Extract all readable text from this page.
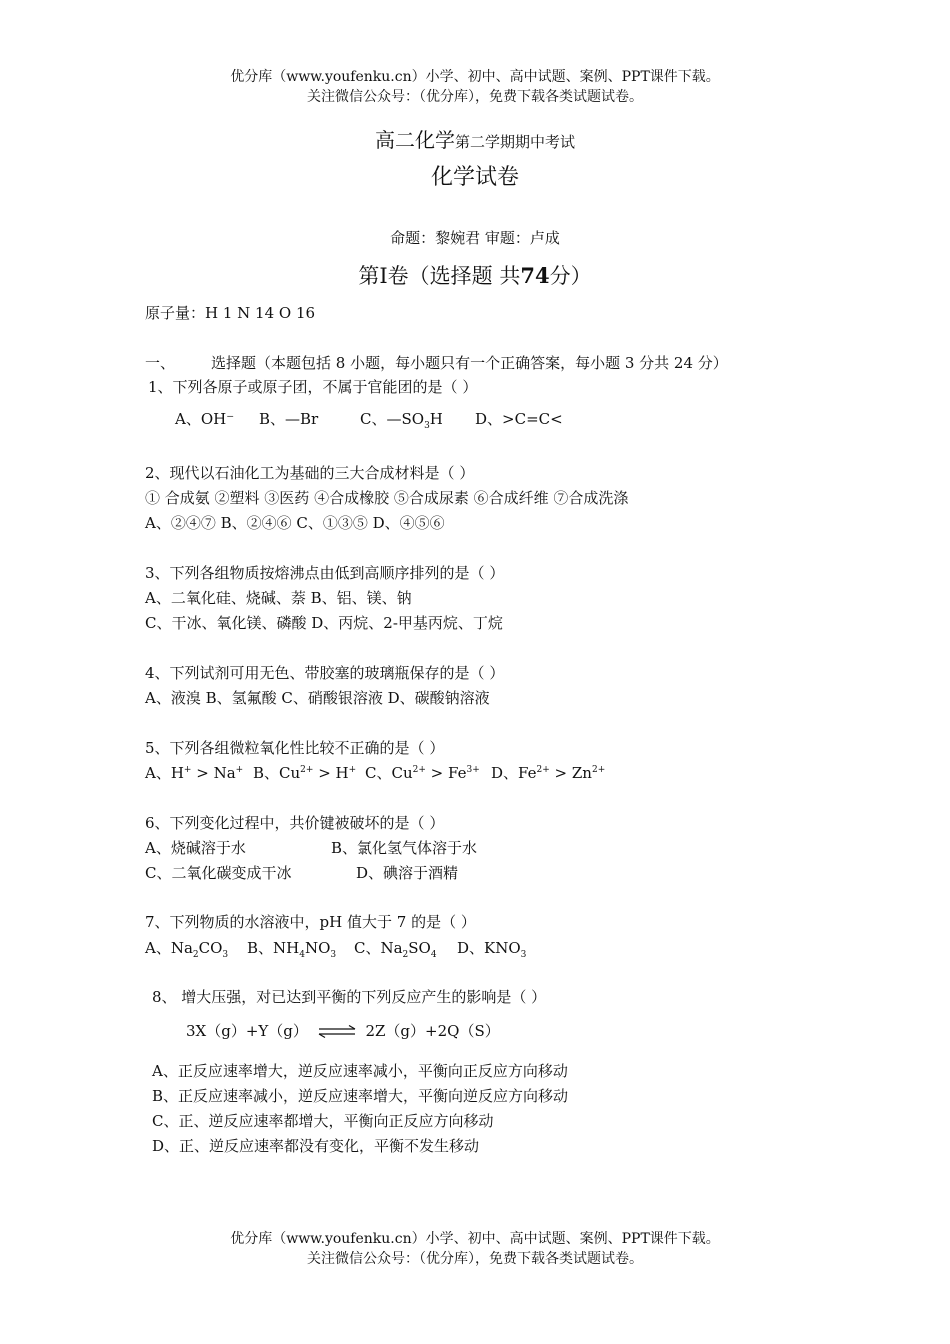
优分库（www.youfenku.cn）小学、初中、高中试题、案例、PPT课件下载。
关注微信公众号：（优分库），免费下载各类试题试卷。
高二化学第二学期期中考试
化学试卷
命题：黎婉君 审题：卢成
第Ⅰ卷（选择题 共74分）
原子量：H 1 N 14 O 16
一、 选择题（本题包括 8 小题，每小题只有一个正确答案，每小题 3 分共 24 分）
1、下列各原子或原子团，不属于官能团的是（ ）
A、OH⁻ B、—Br	C、$—SO_3H$ D、>C=C<
2、现代以石油化工为基础的三大合成材料是（ ）
① 合成氨 ②塑料 ③医药 ④合成橡胶 ⑤合成尿素 ⑥合成纤维 ⑦合成洗涤
A、②④⑦ B、②④⑥ C、①③⑤ D、④⑤⑥
3、下列各组物质按熔沸点由低到高顺序排列的是（ ）
A、二氧化硅、烧碱、萘 B、铝、镁、钠
C、干冰、氧化镁、磷酸 D、丙烷、2-甲基丙烷、丁烷
4、下列试剂可用无色、带胶塞的玻璃瓶保存的是（ ）
A、液溴 B、氢氟酸 C、硝酸银溶液 D、碳酸钠溶液
5、下列各组微粒氧化性比较不正确的是（ ）
A、H+ > Na+ B、$Cu^{2+} > H^+$ C、$Cu^{2+} > Fe^{3+}$ D、$Fe^{2+} > Zn^{2+}$
6、下列变化过程中，共价键被破坏的是（ ）
A、烧碱溶于水	B、氯化氢气体溶于水
C、二氧化碳变成干冰	D、碘溶于酒精
7、下列物质的水溶液中，pH 值大于 7 的是（ ）
A、$Na_2CO_3$ B、$NH_4NO_3$ C、$Na_2SO_4$ D、$KNO_3$
8、 增大压强，对已达到平衡的下列反应产生的影响是（ ）
3X（g）+Y（g） ⇌ 2Z（g）+2Q（S）
A、正反应速率增大，逆反应速率减小，平衡向正反应方向移动
B、正反应速率减小，逆反应速率增大，平衡向逆反应方向移动
C、正、逆反应速率都增大，平衡向正反应方向移动
D、正、逆反应速率都没有变化，平衡不发生移动
优分库（www.youfenku.cn）小学、初中、高中试题、案例、PPT课件下载。
关注微信公众号：（优分库），免费下载各类试题试卷。
